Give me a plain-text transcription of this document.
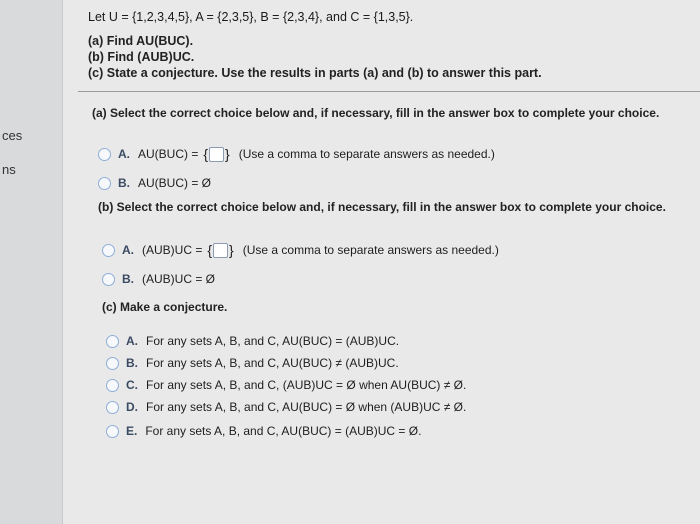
ces
ns
Let U = {1,2,3,4,5}, A = {2,3,5}, B = {2,3,4}, and C = {1,3,5}.
(a) Find AU(BUC).
(b) Find (AUB)UC.
(c) State a conjecture. Use the results in parts (a) and (b) to answer this part.
(a) Select the correct choice below and, if necessary, fill in the answer box to complete your choice.
A. AU(BUC) = { } (Use a comma to separate answers as needed.)
B. AU(BUC) = Ø
(b) Select the correct choice below and, if necessary, fill in the answer box to complete your choice.
A. (AUB)UC = { } (Use a comma to separate answers as needed.)
B. (AUB)UC = Ø
(c) Make a conjecture.
A. For any sets A, B, and C, AU(BUC) = (AUB)UC.
B. For any sets A, B, and C, AU(BUC) ≠ (AUB)UC.
C. For any sets A, B, and C, (AUB)UC = Ø when AU(BUC) ≠ Ø.
D. For any sets A, B, and C, AU(BUC) = Ø when (AUB)UC ≠ Ø.
E. For any sets A, B, and C, AU(BUC) = (AUB)UC = Ø.
